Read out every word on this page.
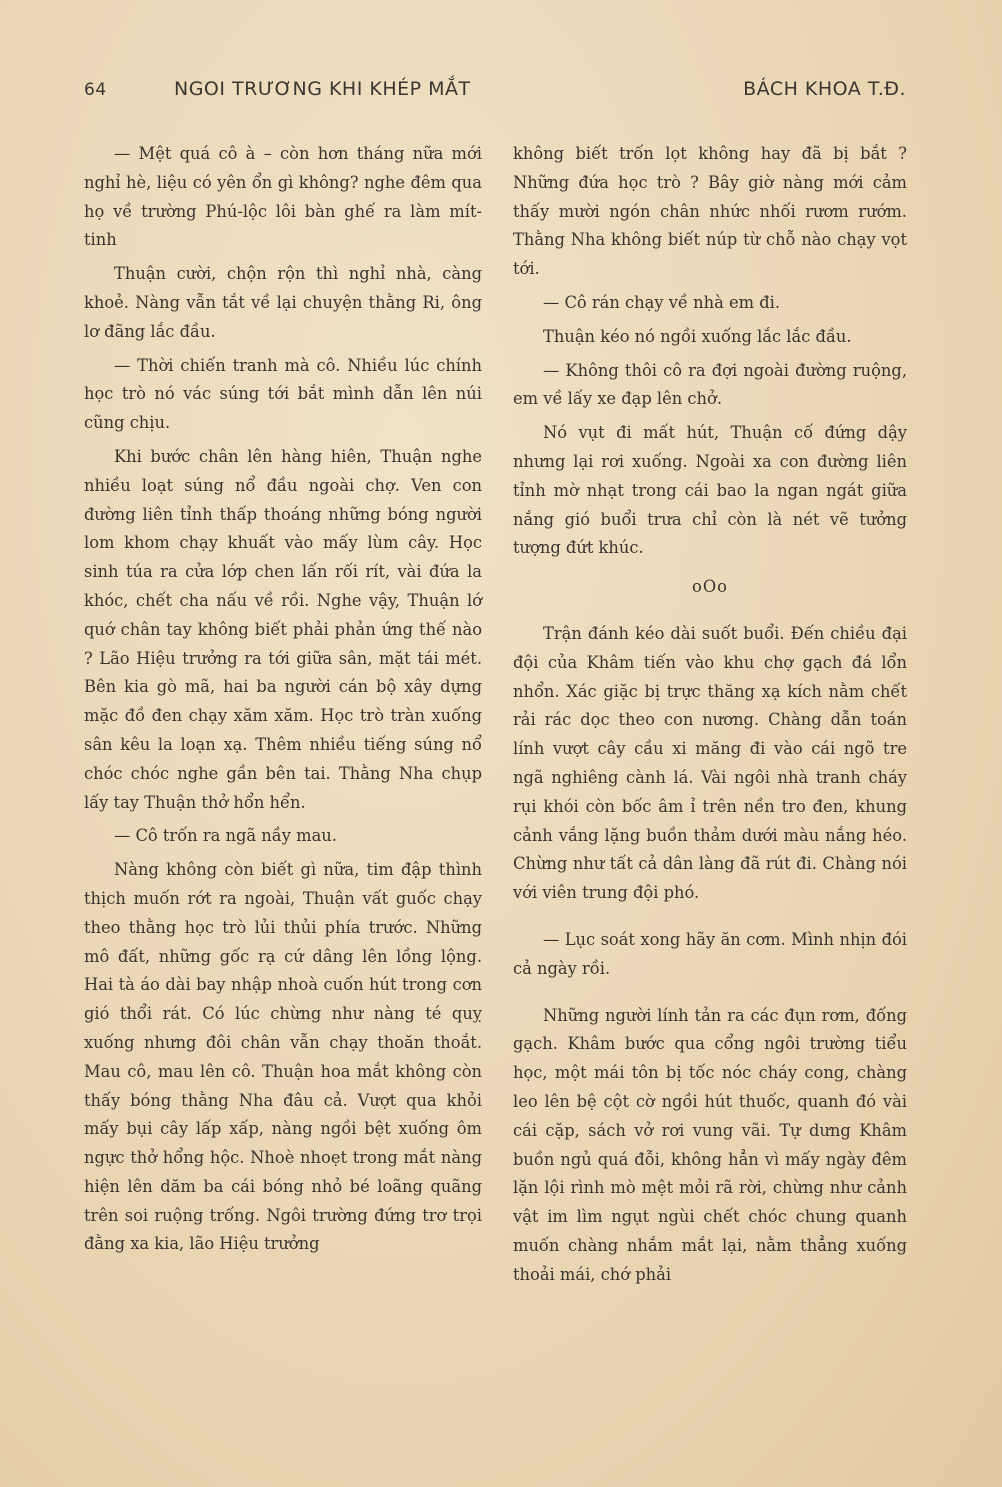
64	NGOI TRƯƠNG KHI KHÉP MẮT	BÁCH KHOA T.Đ.

— Mệt quá cô à – còn hơn tháng nữa mới nghỉ hè, liệu có yên ổn gì không? nghe đêm qua họ về trường Phú-lộc lôi bàn ghế ra làm mít-tinh

Thuận cười, chộn rộn thì nghỉ nhà, càng khoẻ. Nàng vẫn tắt về lại chuyện thằng Ri, ông lơ đãng lắc đầu.

— Thời chiến tranh mà cô. Nhiều lúc chính học trò nó vác súng tới bắt mình dẫn lên núi cũng chịu.

Khi bước chân lên hàng hiên, Thuận nghe nhiều loạt súng nổ đầu ngoài chợ. Ven con đường liên tỉnh thấp thoáng những bóng người lom khom chạy khuất vào mấy lùm cây. Học sinh túa ra cửa lớp chen lấn rối rít, vài đứa la khóc, chết cha nấu về rồi. Nghe vậy, Thuận lớ quớ chân tay không biết phải phản ứng thế nào ? Lão Hiệu trưởng ra tới giữa sân, mặt tái mét. Bên kia gò mã, hai ba người cán bộ xây dựng mặc đồ đen chạy xăm xăm. Học trò tràn xuống sân kêu la loạn xạ. Thêm nhiều tiếng súng nổ chóc chóc nghe gần bên tai. Thằng Nha chụp lấy tay Thuận thở hổn hển.

— Cô trốn ra ngã nầy mau.

Nàng không còn biết gì nữa, tim đập thình thịch muốn rớt ra ngoài, Thuận vất guốc chạy theo thằng học trò lủi thủi phía trước. Những mô đất, những gốc rạ cứ dâng lên lồng lộng. Hai tà áo dài bay nhập nhoà cuốn hút trong cơn gió thổi rát. Có lúc chừng như nàng té quỵ xuống nhưng đôi chân vẫn chạy thoăn thoắt. Mau cô, mau lên cô. Thuận hoa mắt không còn thấy bóng thằng Nha đâu cả. Vượt qua khỏi mấy bụi cây lấp xấp, nàng ngồi bệt xuống ôm ngực thở hổng hộc. Nhoè nhoẹt trong mắt nàng hiện lên dăm ba cái bóng nhỏ bé loãng quãng trên soi ruộng trống. Ngôi trường đứng trơ trọi đằng xa kia, lão Hiệu trưởng

không biết trốn lọt không hay đã bị bắt ? Những đứa học trò ? Bây giờ nàng mới cảm thấy mười ngón chân nhức nhối rươm rướm. Thằng Nha không biết núp từ chỗ nào chạy vọt tới.

— Cô rán chạy về nhà em đi.

Thuận kéo nó ngồi xuống lắc lắc đầu.

— Không thôi cô ra đợi ngoài đường ruộng, em về lấy xe đạp lên chở.

Nó vụt đi mất hút, Thuận cố đứng dậy nhưng lại rơi xuống. Ngoài xa con đường liên tỉnh mờ nhạt trong cái bao la ngan ngát giữa nắng gió buổi trưa chỉ còn là nét vẽ tưởng tượng đứt khúc.

oOo

Trận đánh kéo dài suốt buổi. Đến chiều đại đội của Khâm tiến vào khu chợ gạch đá lổn nhổn. Xác giặc bị trực thăng xạ kích nằm chết rải rác dọc theo con nương. Chàng dẫn toán lính vượt cây cầu xi măng đi vào cái ngõ tre ngã nghiêng cành lá. Vài ngôi nhà tranh cháy rụi khói còn bốc âm ỉ trên nền tro đen, khung cảnh vắng lặng buồn thảm dưới màu nắng héo. Chừng như tất cả dân làng đã rút đi. Chàng nói với viên trung đội phó.

— Lục soát xong hãy ăn cơm. Mình nhịn đói cả ngày rồi.

Những người lính tản ra các đụn rơm, đống gạch. Khâm bước qua cổng ngôi trường tiểu học, một mái tôn bị tốc nóc cháy cong, chàng leo lên bệ cột cờ ngồi hút thuốc, quanh đó vài cái cặp, sách vở rơi vung vãi. Tự dưng Khâm buồn ngủ quá đỗi, không hẳn vì mấy ngày đêm lặn lội rình mò mệt mỏi rã rời, chừng như cảnh vật im lìm ngụt ngùi chết chóc chung quanh muốn chàng nhắm mắt lại, nằm thẳng xuống thoải mái, chớ phải
